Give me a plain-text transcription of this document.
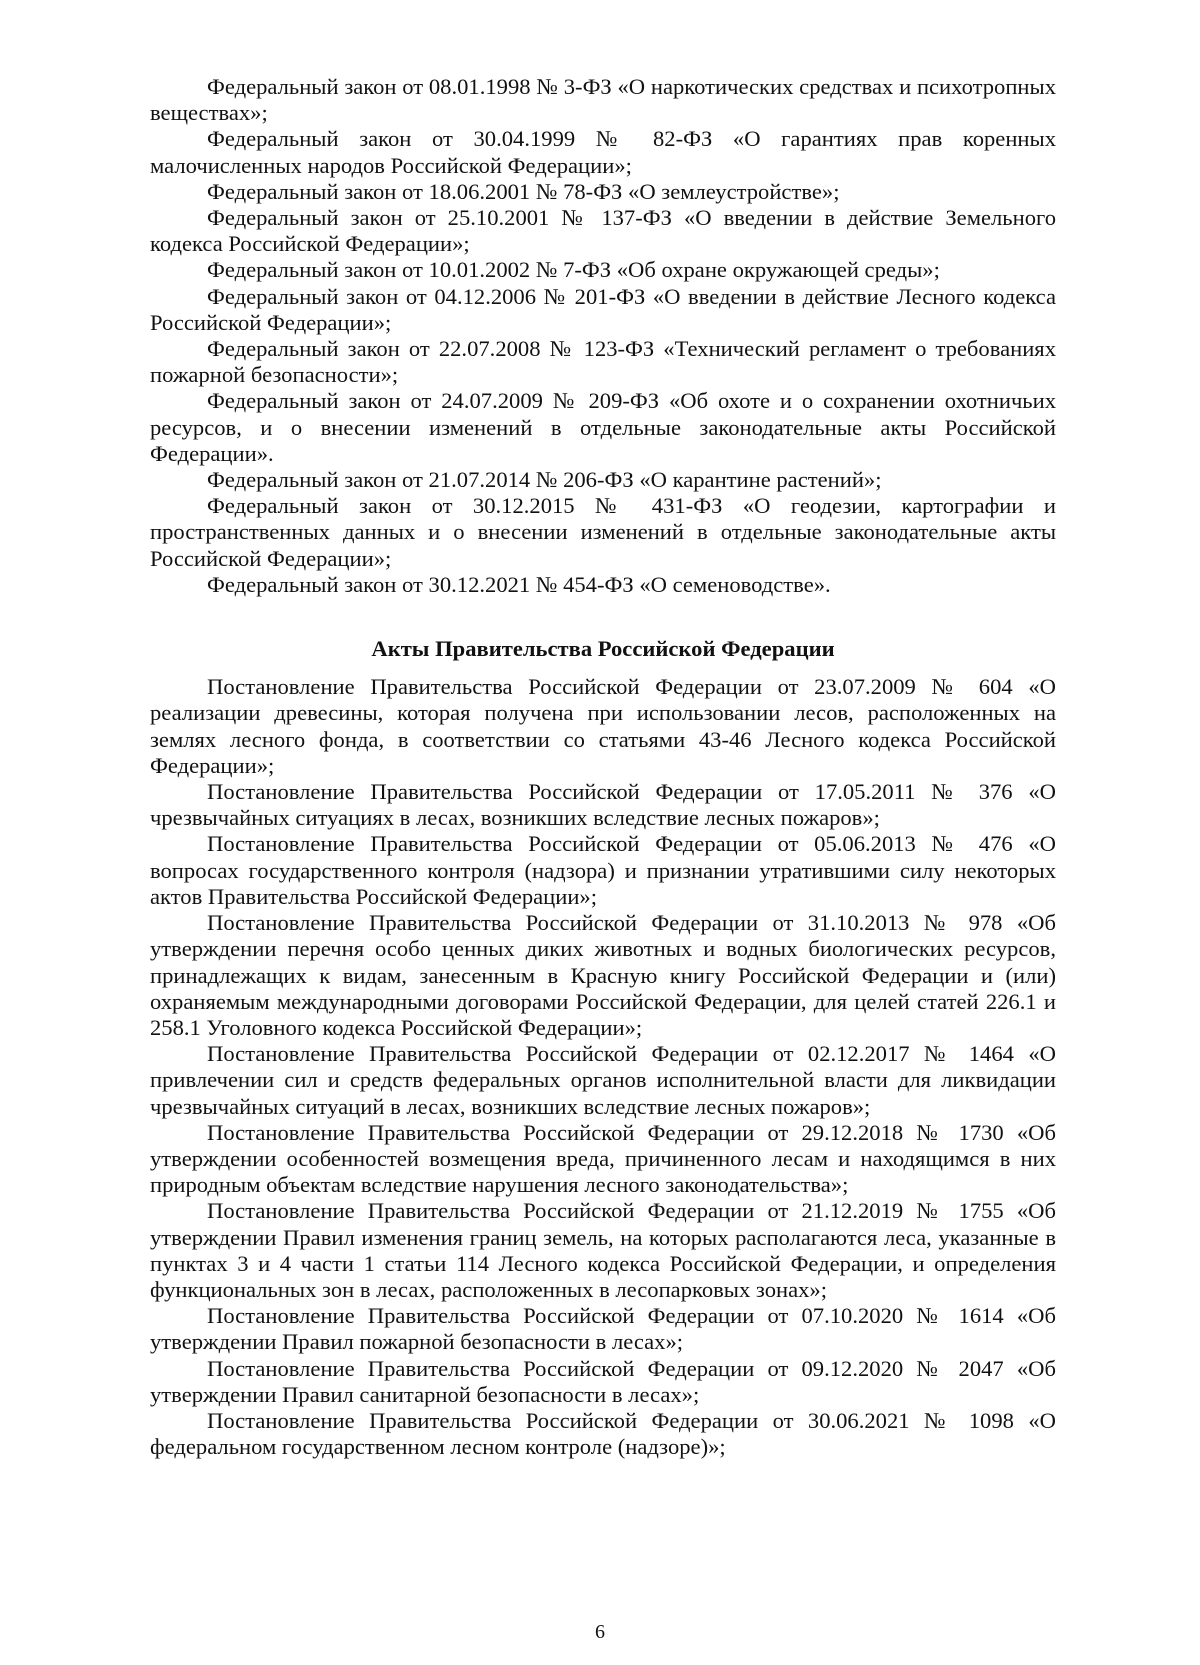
Федеральный закон от 08.01.1998 № 3-ФЗ «О наркотических средствах и психотропных веществах»;

Федеральный закон от 30.04.1999 № 82-ФЗ «О гарантиях прав коренных малочисленных народов Российской Федерации»;

Федеральный закон от 18.06.2001 № 78-ФЗ «О землеустройстве»;

Федеральный закон от 25.10.2001 № 137-ФЗ «О введении в действие Земельного кодекса Российской Федерации»;

Федеральный закон от 10.01.2002 № 7-ФЗ «Об охране окружающей среды»;

Федеральный закон от 04.12.2006 № 201-ФЗ «О введении в действие Лесного кодекса Российской Федерации»;

Федеральный закон от 22.07.2008 № 123-ФЗ «Технический регламент о требованиях пожарной безопасности»;

Федеральный закон от 24.07.2009 № 209-ФЗ «Об охоте и о сохранении охотничьих ресурсов, и о внесении изменений в отдельные законодательные акты Российской Федерации».

Федеральный закон от 21.07.2014 № 206-ФЗ «О карантине растений»;

Федеральный закон от 30.12.2015 № 431-ФЗ «О геодезии, картографии и пространственных данных и о внесении изменений в отдельные законодательные акты Российской Федерации»;

Федеральный закон от 30.12.2021 № 454-ФЗ «О семеноводстве».

Акты Правительства Российской Федерации

Постановление Правительства Российской Федерации от 23.07.2009 № 604 «О реализации древесины, которая получена при использовании лесов, расположенных на землях лесного фонда, в соответствии со статьями 43-46 Лесного кодекса Российской Федерации»;

Постановление Правительства Российской Федерации от 17.05.2011 № 376 «О чрезвычайных ситуациях в лесах, возникших вследствие лесных пожаров»;

Постановление Правительства Российской Федерации от 05.06.2013 № 476 «О вопросах государственного контроля (надзора) и признании утратившими силу некоторых актов Правительства Российской Федерации»;

Постановление Правительства Российской Федерации от 31.10.2013 № 978 «Об утверждении перечня особо ценных диких животных и водных биологических ресурсов, принадлежащих к видам, занесенным в Красную книгу Российской Федерации и (или) охраняемым международными договорами Российской Федерации, для целей статей 226.1 и 258.1 Уголовного кодекса Российской Федерации»;

Постановление Правительства Российской Федерации от 02.12.2017 № 1464 «О привлечении сил и средств федеральных органов исполнительной власти для ликвидации чрезвычайных ситуаций в лесах, возникших вследствие лесных пожаров»;

Постановление Правительства Российской Федерации от 29.12.2018 № 1730 «Об утверждении особенностей возмещения вреда, причиненного лесам и находящимся в них природным объектам вследствие нарушения лесного законодательства»;

Постановление Правительства Российской Федерации от 21.12.2019 № 1755 «Об утверждении Правил изменения границ земель, на которых располагаются леса, указанные в пунктах 3 и 4 части 1 статьи 114 Лесного кодекса Российской Федерации, и определения функциональных зон в лесах, расположенных в лесопарковых зонах»;

Постановление Правительства Российской Федерации от 07.10.2020 № 1614 «Об утверждении Правил пожарной безопасности в лесах»;

Постановление Правительства Российской Федерации от 09.12.2020 № 2047 «Об утверждении Правил санитарной безопасности в лесах»;

Постановление Правительства Российской Федерации от 30.06.2021 № 1098 «О федеральном государственном лесном контроле (надзоре)»;

6
